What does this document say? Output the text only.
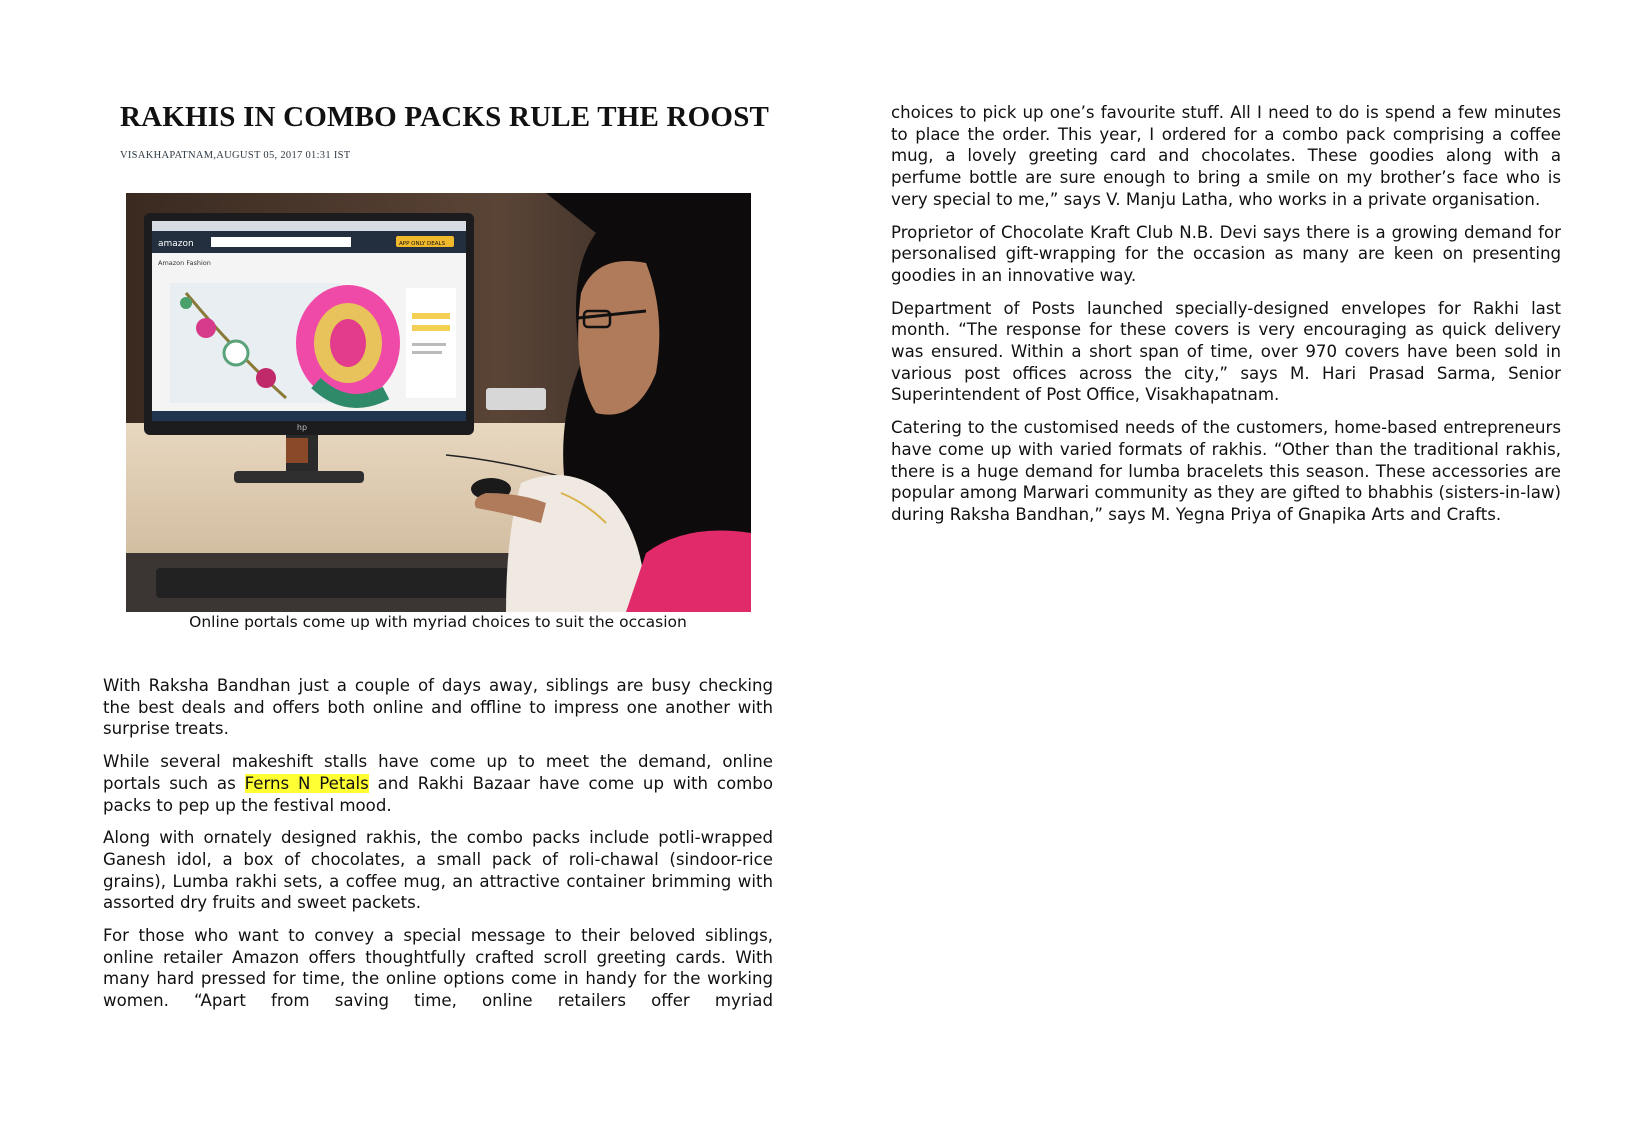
RAKHIS IN COMBO PACKS RULE THE ROOST
VISAKHAPATNAM,AUGUST 05, 2017 01:31 IST
amazon	APP ONLY DEALS
Amazon Fashion
hp
Online portals come up with myriad choices to suit the occasion

With Raksha Bandhan just a couple of days away, siblings are busy checking the best deals and offers both online and offline to impress one another with surprise treats.

While several makeshift stalls have come up to meet the demand, online portals such as Ferns N Petals and Rakhi Bazaar have come up with combo packs to pep up the festival mood.

Along with ornately designed rakhis, the combo packs include potli-wrapped Ganesh idol, a box of chocolates, a small pack of roli-chawal (sindoor-rice grains), Lumba rakhi sets, a coffee mug, an attractive container brimming with assorted dry fruits and sweet packets.

For those who want to convey a special message to their beloved siblings, online retailer Amazon offers thoughtfully crafted scroll greeting cards. With many hard pressed for time, the online options come in handy for the working women. “Apart from saving time, online retailers offer myriad

choices to pick up one’s favourite stuff. All I need to do is spend a few minutes to place the order. This year, I ordered for a combo pack comprising a coffee mug, a lovely greeting card and chocolates. These goodies along with a perfume bottle are sure enough to bring a smile on my brother’s face who is very special to me,” says V. Manju Latha, who works in a private organisation.

Proprietor of Chocolate Kraft Club N.B. Devi says there is a growing demand for personalised gift-wrapping for the occasion as many are keen on presenting goodies in an innovative way.

Department of Posts launched specially-designed envelopes for Rakhi last month. “The response for these covers is very encouraging as quick delivery was ensured. Within a short span of time, over 970 covers have been sold in various post offices across the city,” says M. Hari Prasad Sarma, Senior Superintendent of Post Office, Visakhapatnam.

Catering to the customised needs of the customers, home-based entrepreneurs have come up with varied formats of rakhis. “Other than the traditional rakhis, there is a huge demand for lumba bracelets this season. These accessories are popular among Marwari community as they are gifted to bhabhis (sisters-in-law) during Raksha Bandhan,” says M. Yegna Priya of Gnapika Arts and Crafts.
